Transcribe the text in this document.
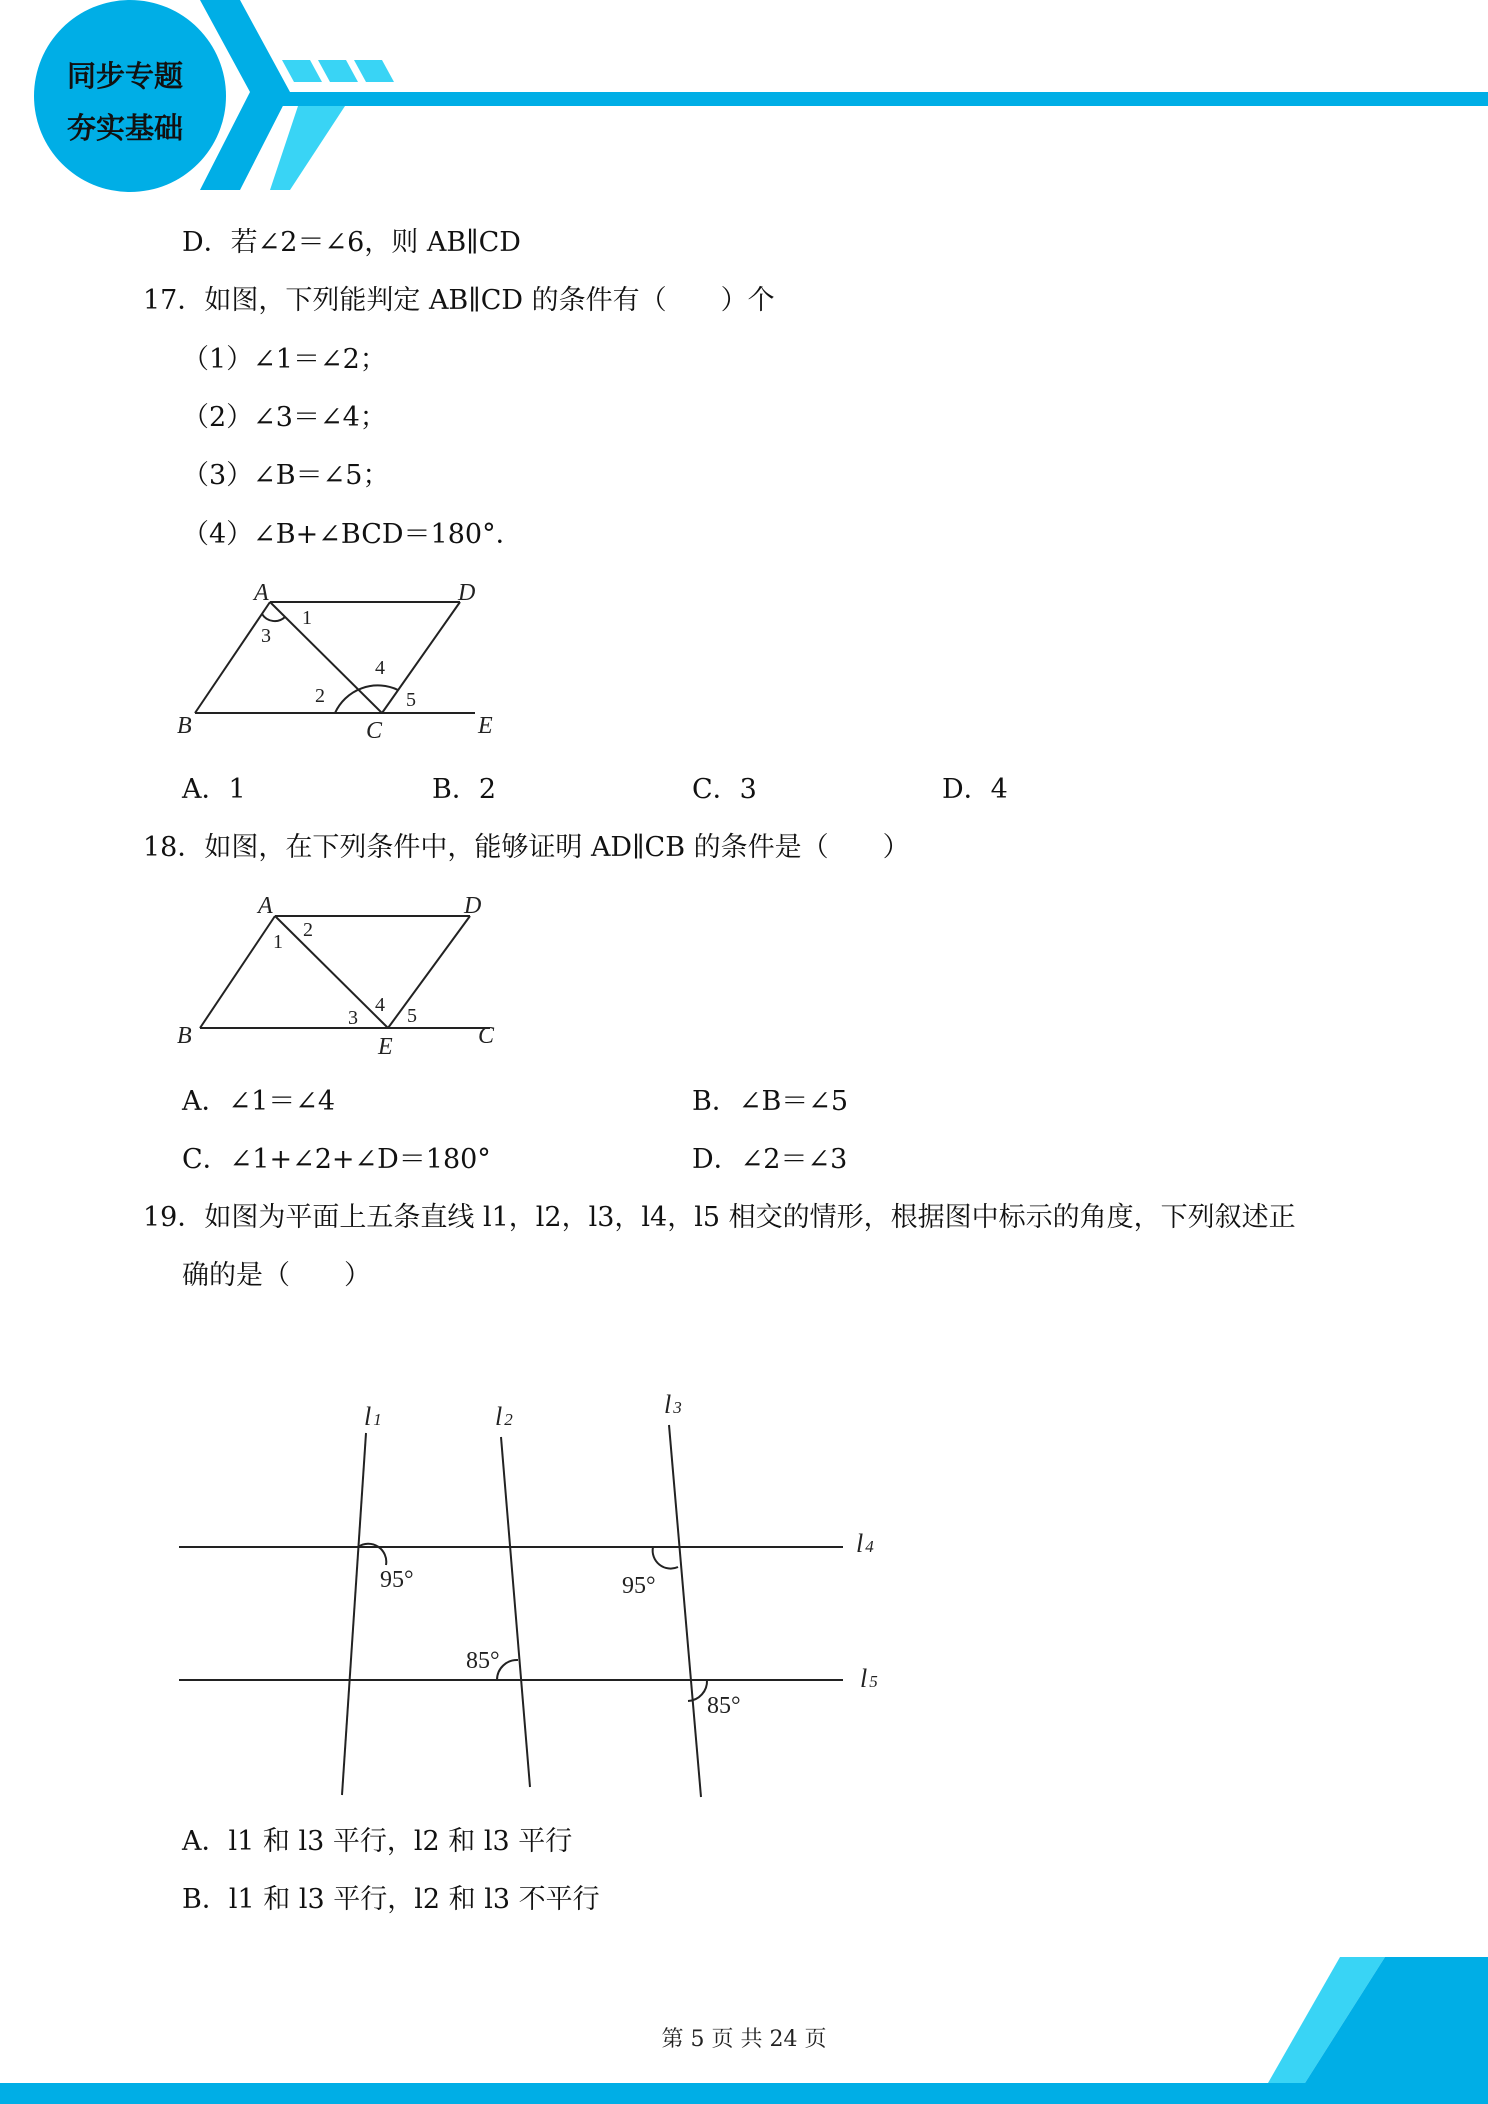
同步专题
夯实基础
D．若∠2＝∠6，则 AB∥CD
17．如图，下列能判定 AB∥CD 的条件有（　　）个
（1）∠1＝∠2；
（2）∠3＝∠4；
（3）∠B＝∠5；
（4）∠B+∠BCD＝180°．
A	D
B	C	E
1
3
2
4
5
A．1	B．2	C．3	D．4
18．如图，在下列条件中，能够证明 AD∥CB 的条件是（　　）
A	D
B	E	C
1
2
3
4 5
A．∠1＝∠4	B．∠B＝∠5
C．∠1+∠2+∠D＝180°	D．∠2＝∠3
19．如图为平面上五条直线 l1，l2，l3，l4，l5 相交的情形，根据图中标示的角度，下列叙述正
确的是（　　）
l 1	l 2
l 3
l 4
l 5
95°	95°
85°
85°
A．l1 和 l3 平行，l2 和 l3 平行
B．l1 和 l3 平行，l2 和 l3 不平行
第 5 页 共 24 页
